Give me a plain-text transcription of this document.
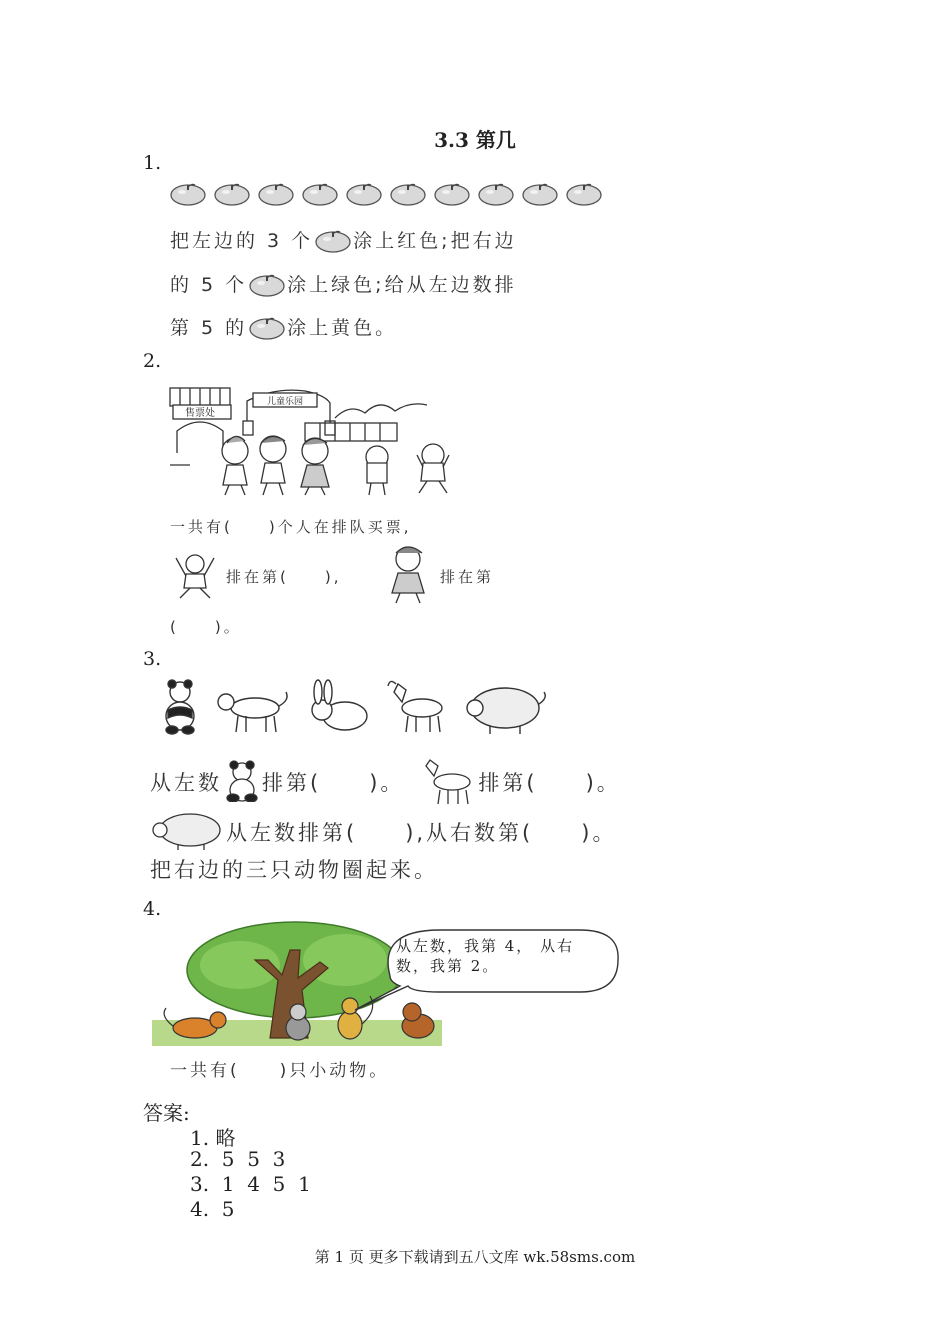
3.3 第几
1.
把左边的 3 个 涂上红色;把右边
的 5 个 涂上绿色;给从左边数排
第 5 的 涂上黄色。
2.
售票处
儿童乐园
一共有(　　)个人在排队买票,
排在第(　　),	排在第
(　　)。
3.
从左数 排第(　　)。	排第(　　)。
从左数排第(　　),从右数第(　　)。
把右边的三只动物圈起来。
4.
从左数，我第 4， 从右数，我第 2。
一共有(　　)只小动物。
答案:
1. 略
2.  5  5  3
3.  1  4  5  1
4.  5
第 1 页 更多下载请到五八文库 wk.58sms.com
